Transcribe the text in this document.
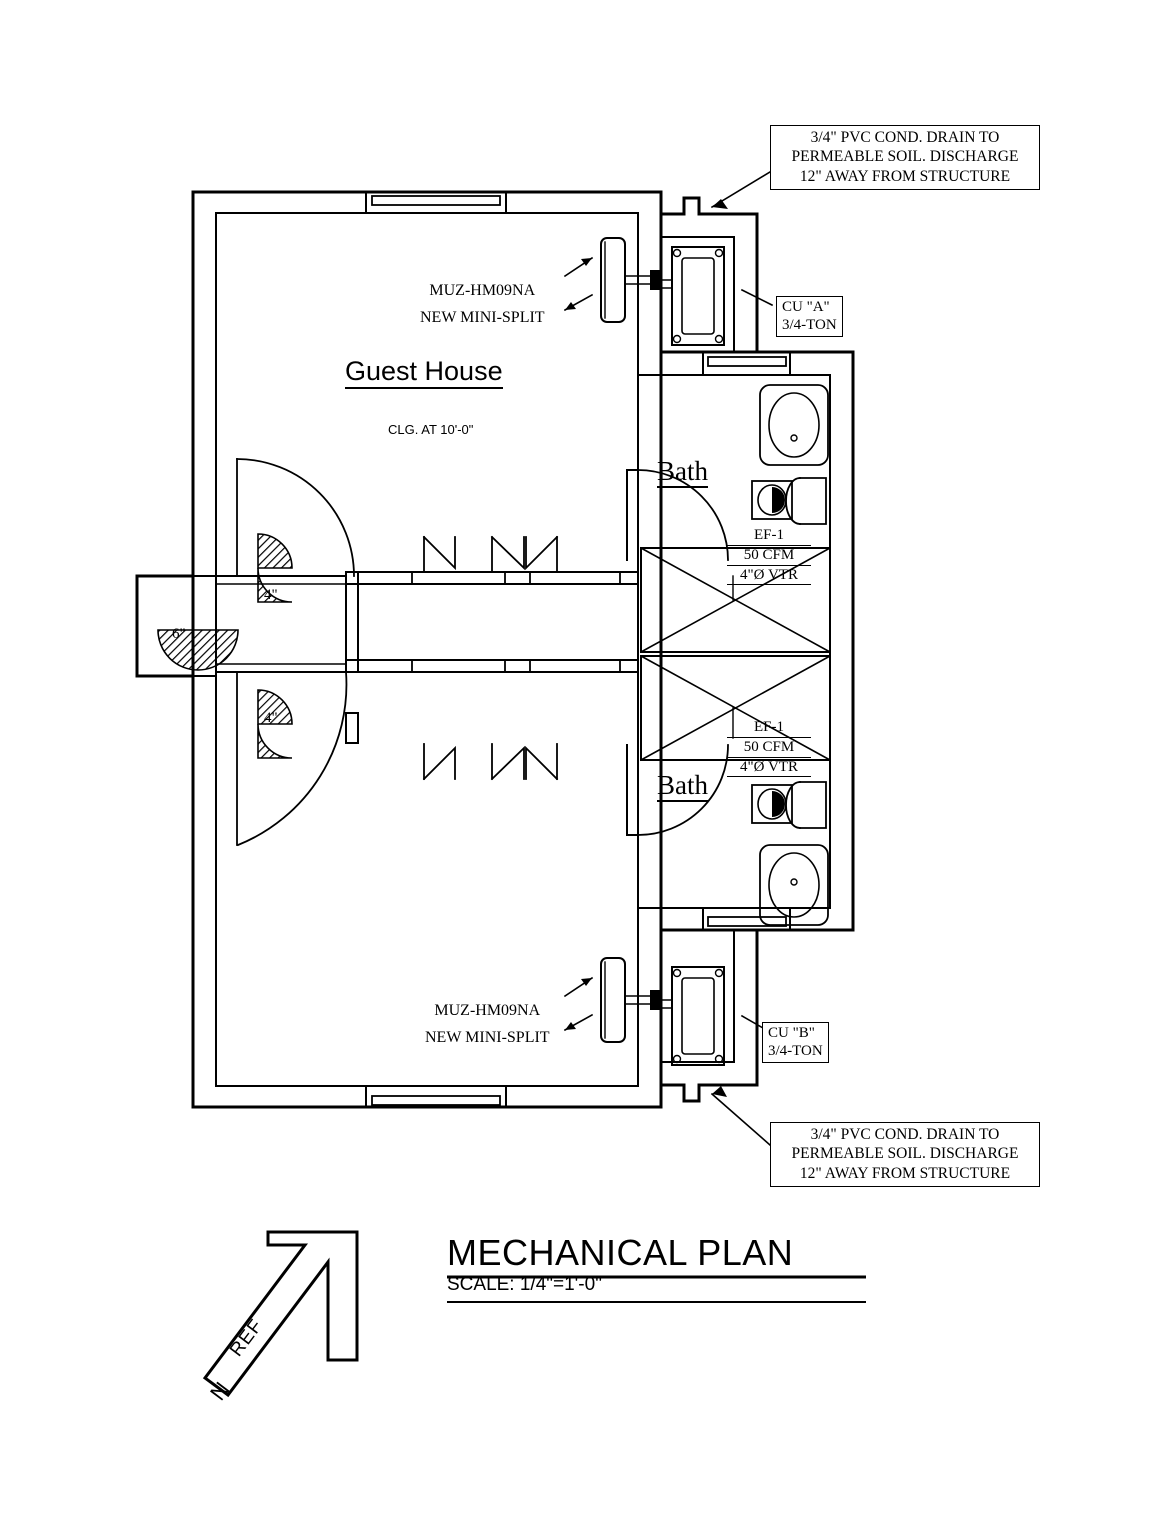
3/4" PVC COND. DRAIN TO
PERMEABLE SOIL. DISCHARGE
12" AWAY FROM STRUCTURE
3/4" PVC COND. DRAIN TO
PERMEABLE SOIL. DISCHARGE
12" AWAY FROM STRUCTURE
CU "A"
3/4-TON
CU "B"
3/4-TON
MUZ-HM09NA
NEW MINI-SPLIT
MUZ-HM09NA
NEW MINI-SPLIT
Guest House
CLG. AT 10'-0"
Bath
Bath
EF-1
50 CFM
4"Ø VTR
EF-1
50 CFM
4"Ø VTR
4"
6"
4"
MECHANICAL PLAN
SCALE: 1/4"=1'-0"
REF
N
